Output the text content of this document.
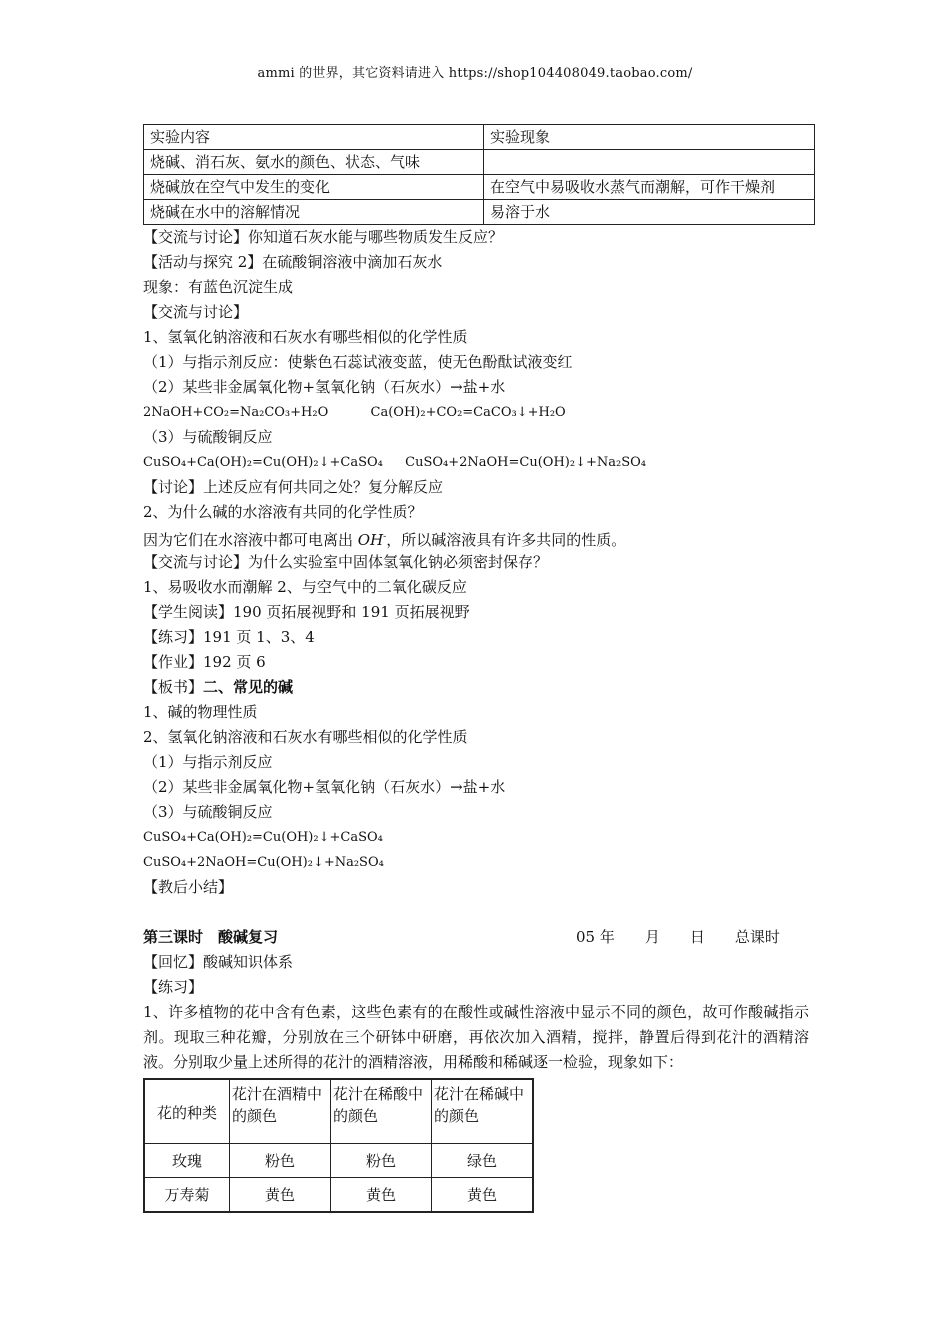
ammi 的世界，其它资料请进入 https://shop104408049.taobao.com/
实验内容	实验现象
烧碱、消石灰、氨水的颜色、状态、气味	
烧碱放在空气中发生的变化	在空气中易吸收水蒸气而潮解，可作干燥剂
烧碱在水中的溶解情况	易溶于水
【交流与讨论】你知道石灰水能与哪些物质发生反应？
【活动与探究 2】在硫酸铜溶液中滴加石灰水
现象：有蓝色沉淀生成
【交流与讨论】
1、氢氧化钠溶液和石灰水有哪些相似的化学性质
（1）与指示剂反应：使紫色石蕊试液变蓝，使无色酚酞试液变红
（2）某些非金属氧化物+氢氧化钠（石灰水）→盐+水
2NaOH+CO₂=Na₂CO₃+H₂O	Ca(OH)₂+CO₂=CaCO₃↓+H₂O
（3）与硫酸铜反应
CuSO₄+Ca(OH)₂=Cu(OH)₂↓+CaSO₄ CuSO₄+2NaOH=Cu(OH)₂↓+Na₂SO₄
【讨论】上述反应有何共同之处？复分解反应
2、为什么碱的水溶液有共同的化学性质？
因为它们在水溶液中都可电离出 OH-，所以碱溶液具有许多共同的性质。
【交流与讨论】为什么实验室中固体氢氧化钠必须密封保存？
1、易吸收水而潮解 2、与空气中的二氧化碳反应
【学生阅读】190 页拓展视野和 191 页拓展视野
【练习】191 页 1、3、4
【作业】192 页 6
【板书】二、常见的碱
1、碱的物理性质
2、氢氧化钠溶液和石灰水有哪些相似的化学性质
（1）与指示剂反应
（2）某些非金属氧化物+氢氧化钠（石灰水）→盐+水
（3）与硫酸铜反应
CuSO₄+Ca(OH)₂=Cu(OH)₂↓+CaSO₄
CuSO₄+2NaOH=Cu(OH)₂↓+Na₂SO₄
【教后小结】
第三课时　酸碱复习	05 年 月 日 总课时
【回忆】酸碱知识体系
【练习】
1、许多植物的花中含有色素，这些色素有的在酸性或碱性溶液中显示不同的颜色，故可作酸碱指示剂。现取三种花瓣，分别放在三个研钵中研磨，再依次加入酒精，搅拌，静置后得到花汁的酒精溶液。分别取少量上述所得的花汁的酒精溶液，用稀酸和稀碱逐一检验，现象如下：
花的种类	花汁在酒精中的颜色	花汁在稀酸中的颜色	花汁在稀碱中的颜色
玫瑰	粉色	粉色	绿色
万寿菊	黄色	黄色	黄色
